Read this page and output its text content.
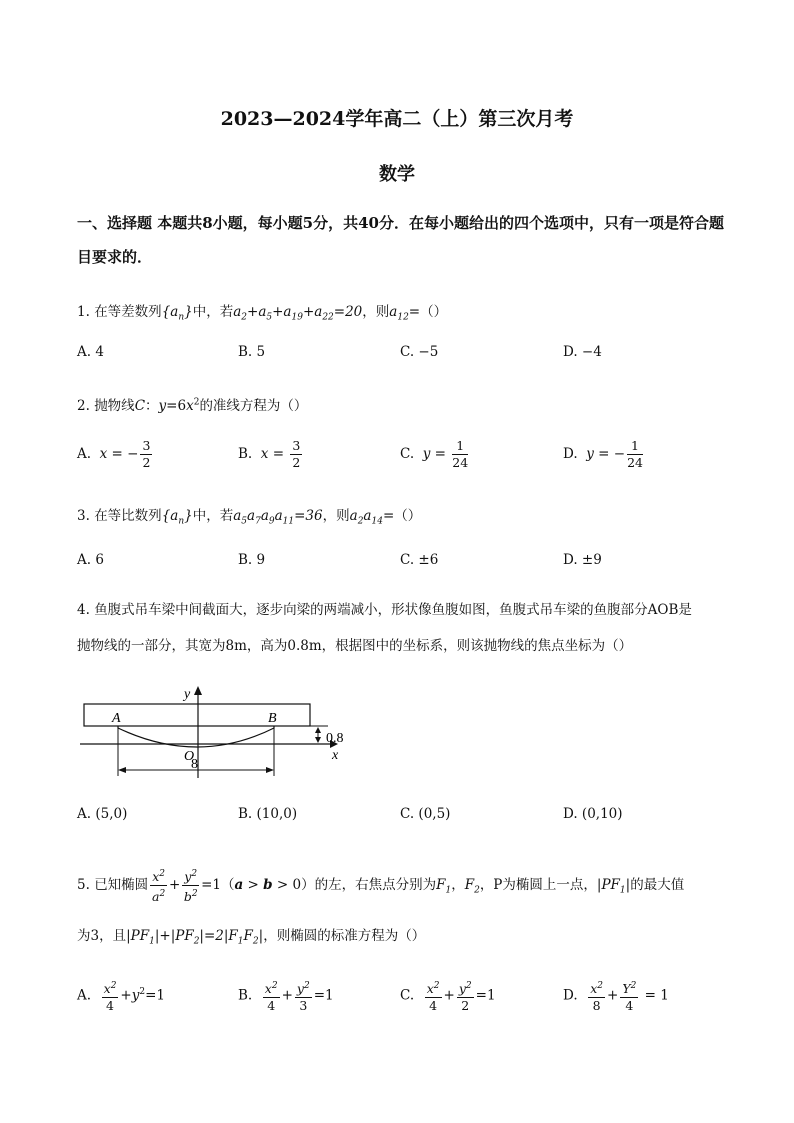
2023—2024学年高二（上）第三次月考
数学
一、选择题 本题共8小题，每小题5分，共40分．在每小题给出的四个选项中，只有一项是符合题目要求的．
1. 在等差数列$\{a_n\}$中，若$a_2+a_5+a_{19}+a_{22}=20$，则$a_{12}=()$
A. 4	B. 5	C. −5	D. −4
2. 抛物线C：$y=6x^2$的准线方程为（）
A.  x = − $\frac{3}{2}$	B.  $x = \frac{3}{2}$	C.  $y = \frac{1}{24}$	D.  y = − $\frac{1}{24}$
3. 在等比数列$\{a_n\}$中，若$a_5a_7a_9a_{11}=36$，则$a_2a_{14}=()$
A. 6	B. 9	C. ±6	D. ±9
4. 鱼腹式吊车梁中间截面大，逐步向梁的两端减小，形状像鱼腹如图，鱼腹式吊车梁的鱼腹部分AOB是
抛物线的一部分，其宽为8m，高为0.8m，根据图中的坐标系，则该抛物线的焦点坐标为（）
y
x
A	B
O
0.8
8
A. (5,0)	B. (10,0)	C. (0,5)	D. (0,10)
5. 已知椭圆 $\frac{x^2}{a^2} + \frac{y^2}{b^2} =1(a > b > 0)$的左，右焦点分别为$F_1$，$F_2$，P为椭圆上一点，$|PF_1|$的最大值
为3，且$|PF_1|+|PF_2|=2|F_1F_2|$，则椭圆的标准方程为（）
A. $\frac{x^2}{4} +y^2=1$	B. $\frac{x^2}{4} + \frac{y^2}{3} =1$	C. $\frac{x^2}{4} + \frac{y^2}{2} =1$	D. $\frac{x^2}{8} + \frac{Y^2}{4} = 1$
